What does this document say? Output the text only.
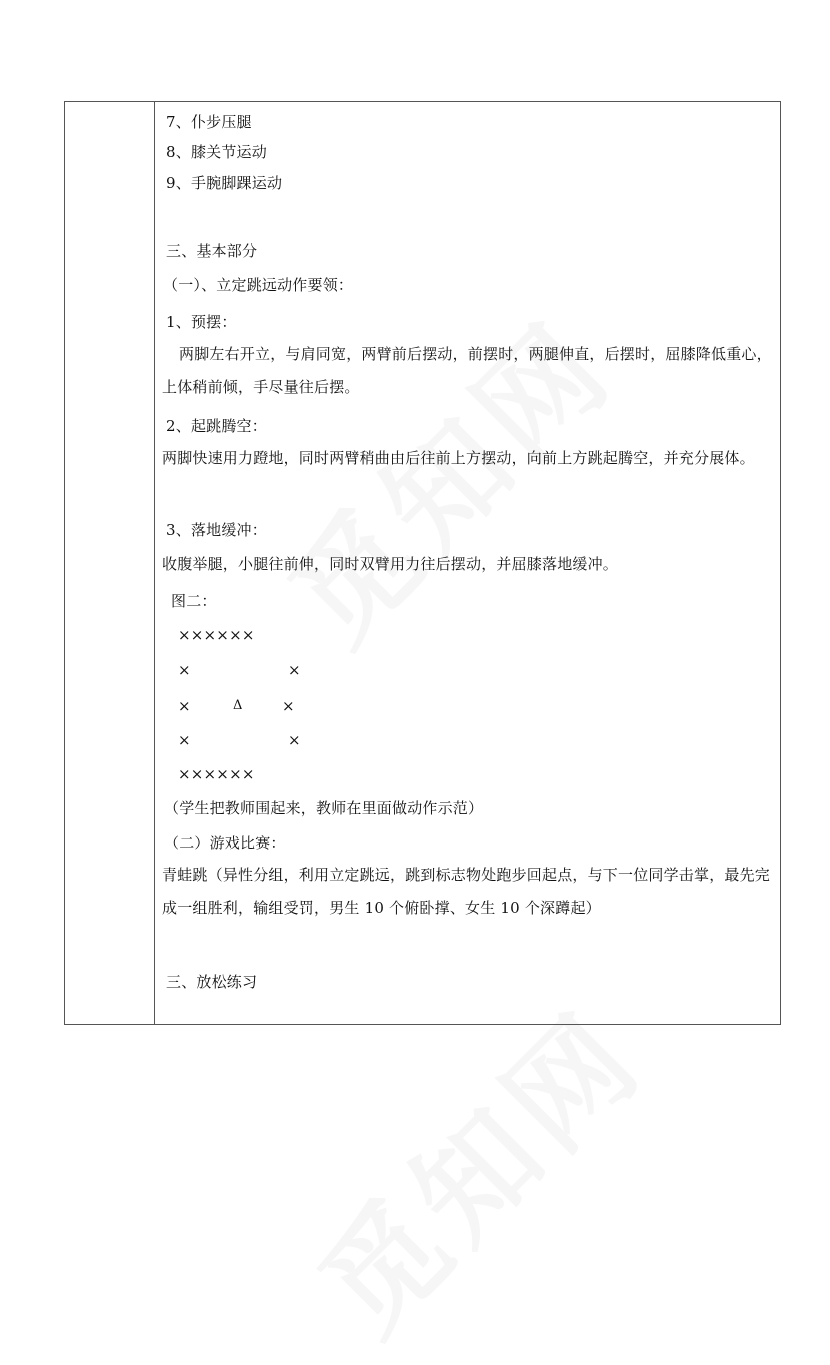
7、仆步压腿
8、膝关节运动
9、手腕脚踝运动
三、基本部分
（一）、立定跳远动作要领：
1、预摆：
两脚左右开立，与肩同宽，两臂前后摆动，前摆时，两腿伸直，后摆时，屈膝降低重心，上体稍前倾，手尽量往后摆。
2、起跳腾空：
两脚快速用力蹬地，同时两臂稍曲由后往前上方摆动，向前上方跳起腾空，并充分展体。
3、落地缓冲：
收腹举腿，小腿往前伸，同时双臂用力往后摆动，并屈膝落地缓冲。
图二：
××××××
×	×
×	Δ	×
×	×
××××××
（学生把教师围起来，教师在里面做动作示范）
（二）游戏比赛：
青蛙跳（异性分组，利用立定跳远，跳到标志物处跑步回起点，与下一位同学击掌，最先完成一组胜利，输组受罚，男生 10 个俯卧撑、女生 10 个深蹲起）
三、放松练习
